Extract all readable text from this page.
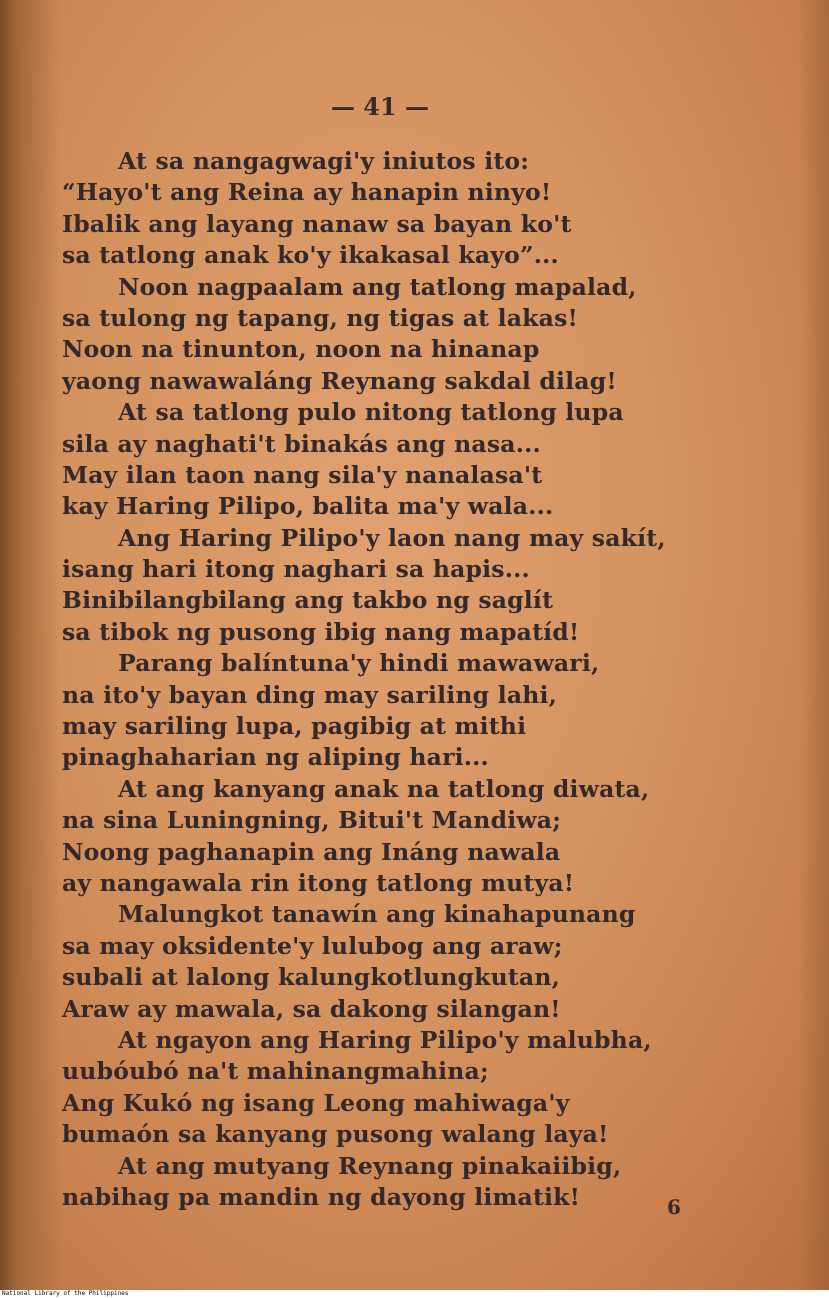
— 41 —
At sa nangagwagi'y iniutos ito:
“Hayo't ang Reina ay hanapin ninyo!
Ibalik ang layang nanaw sa bayan ko't
sa tatlong anak ko'y ikakasal kayo”...
Noon nagpaalam ang tatlong mapalad,
sa tulong ng tapang, ng tigas at lakas!
Noon na tinunton, noon na hinanap
yaong nawawaláng Reynang sakdal dilag!
At sa tatlong pulo nitong tatlong lupa
sila ay naghati't binakás ang nasa...
May ilan taon nang sila'y nanalasa't
kay Haring Pilipo, balita ma'y wala...
Ang Haring Pilipo'y laon nang may sakít,
isang hari itong naghari sa hapis...
Binibilangbilang ang takbo ng saglít
sa tibok ng pusong ibig nang mapatíd!
Parang balíntuna'y hindi mawawari,
na ito'y bayan ding may sariling lahi,
may sariling lupa, pagibig at mithi
pinaghaharian ng aliping hari...
At ang kanyang anak na tatlong diwata,
na sina Luningning, Bitui't Mandiwa;
Noong paghanapin ang Ináng nawala
ay nangawala rin itong tatlong mutya!
Malungkot tanawín ang kinahapunang
sa may oksidente'y lulubog ang araw;
subali at lalong kalungkotlungkutan,
Araw ay mawala, sa dakong silangan!
At ngayon ang Haring Pilipo'y malubha,
uubóubó na't mahinangmahina;
Ang Kukó ng isang Leong mahiwaga'y
bumaón sa kanyang pusong walang laya!
At ang mutyang Reynang pinakaiibig,
nabihag pa mandin ng dayong limatik!	6
National Library of the Philippines
